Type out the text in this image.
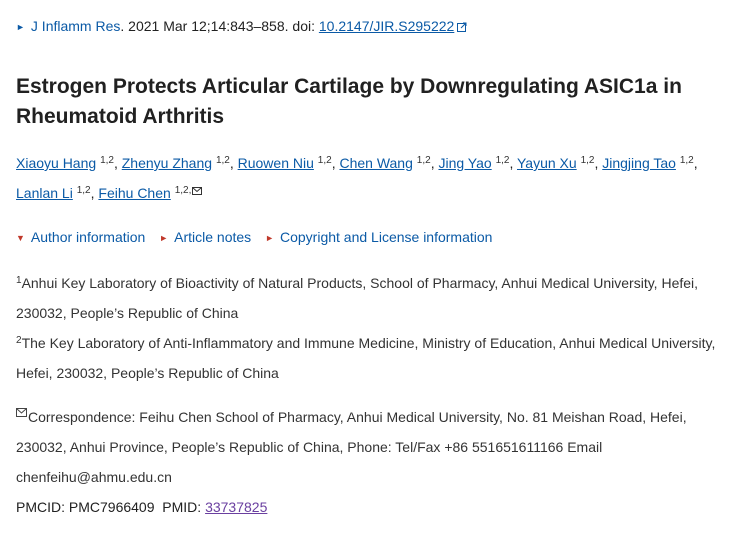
► J Inflamm Res. 2021 Mar 12;14:843–858. doi: 10.2147/JIR.S295222
Estrogen Protects Articular Cartilage by Downregulating ASIC1a in Rheumatoid Arthritis
Xiaoyu Hang $^{1,2}$, Zhenyu Zhang $^{1,2}$, Ruowen Niu $^{1,2}$, Chen Wang $^{1,2}$, Jing Yao $^{1,2}$, Yayun Xu $^{1,2}$, Jingjing Tao $^{1,2}$, Lanlan Li $^{1,2}$, Feihu Chen $^{1,2,}$
▼ Author information ► Article notes ► Copyright and License information

$^1$Anhui Key Laboratory of Bioactivity of Natural Products, School of Pharmacy, Anhui Medical University, Hefei, 230032, People’s Republic of China

$^2$The Key Laboratory of Anti-Inflammatory and Immune Medicine, Ministry of Education, Anhui Medical University, Hefei, 230032, People’s Republic of China

Correspondence: Feihu Chen School of Pharmacy, Anhui Medical University, No. 81 Meishan Road, Hefei, 230032, Anhui Province, People’s Republic of China, Phone: Tel/Fax +86 551651611166 Email chenfeihu@ahmu.edu.cn

PMCID: PMC7966409 PMID: 33737825
